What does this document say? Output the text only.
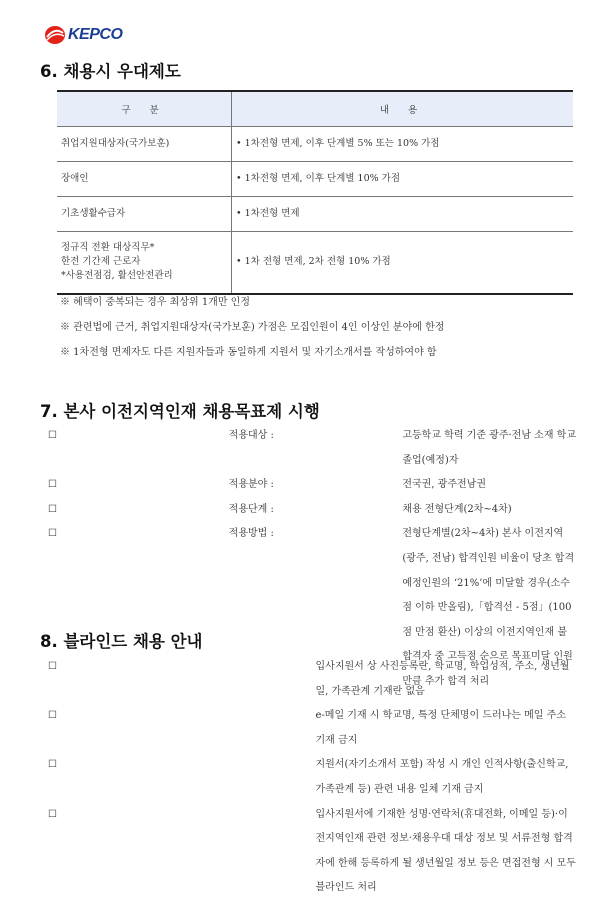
KEPCO
6. 채용시 우대제도
구 분	내 용

취업지원대상자(국가보훈)	• 1차전형 면제, 이후 단계별 5% 또는 10% 가점

장애인	• 1차전형 면제, 이후 단계별 10% 가점

기초생활수급자	• 1차전형 면제

정규직 전환 대상직무*
한전 기간제 근로자
*사용전점검, 활선안전관리	• 1차 전형 면제, 2차 전형 10% 가점
※ 혜택이 중복되는 경우 최상위 1개만 인정
※ 관련법에 근거, 취업지원대상자(국가보훈) 가점은 모집인원이 4인 이상인 분야에 한정
※ 1차전형 면제자도 다른 지원자들과 동일하게 지원서 및 자기소개서를 작성하여야 함
7. 본사 이전지역인재 채용목표제 시행
☐	적용대상 :	고등학교 학력 기준 광주·전남 소재 학교 졸업(예정)자
☐	적용분야 :	전국권, 광주전남권
☐	적용단계 :	채용 전형단계(2차~4차)
☐	적용방법 :	전형단계별(2차~4차) 본사 이전지역(광주, 전남) 합격인원 비율이 당초 합격예정인원의 ‘21%’에 미달할 경우(소수점 이하 반올림),「합격선 - 5점」(100점 만점 환산) 이상의 이전지역인재 불합격자 중 고득점 순으로 목표미달 인원만큼 추가 합격 처리
8. 블라인드 채용 안내
☐	입사지원서 상 사진등록란, 학교명, 학업성적, 주소, 생년월일, 가족관계 기재란 없음
☐	e-메일 기재 시 학교명, 특정 단체명이 드러나는 메일 주소 기재 금지
☐	지원서(자기소개서 포함) 작성 시 개인 인적사항(출신학교, 가족관계 등) 관련 내용 일체 기재 금지
☐	입사지원서에 기재한 성명·연락처(휴대전화, 이메일 등)·이전지역인재 관련 정보·채용우대 대상 정보 및 서류전형 합격자에 한해 등록하게 될 생년월일 정보 등은 면접전형 시 모두 블라인드 처리
